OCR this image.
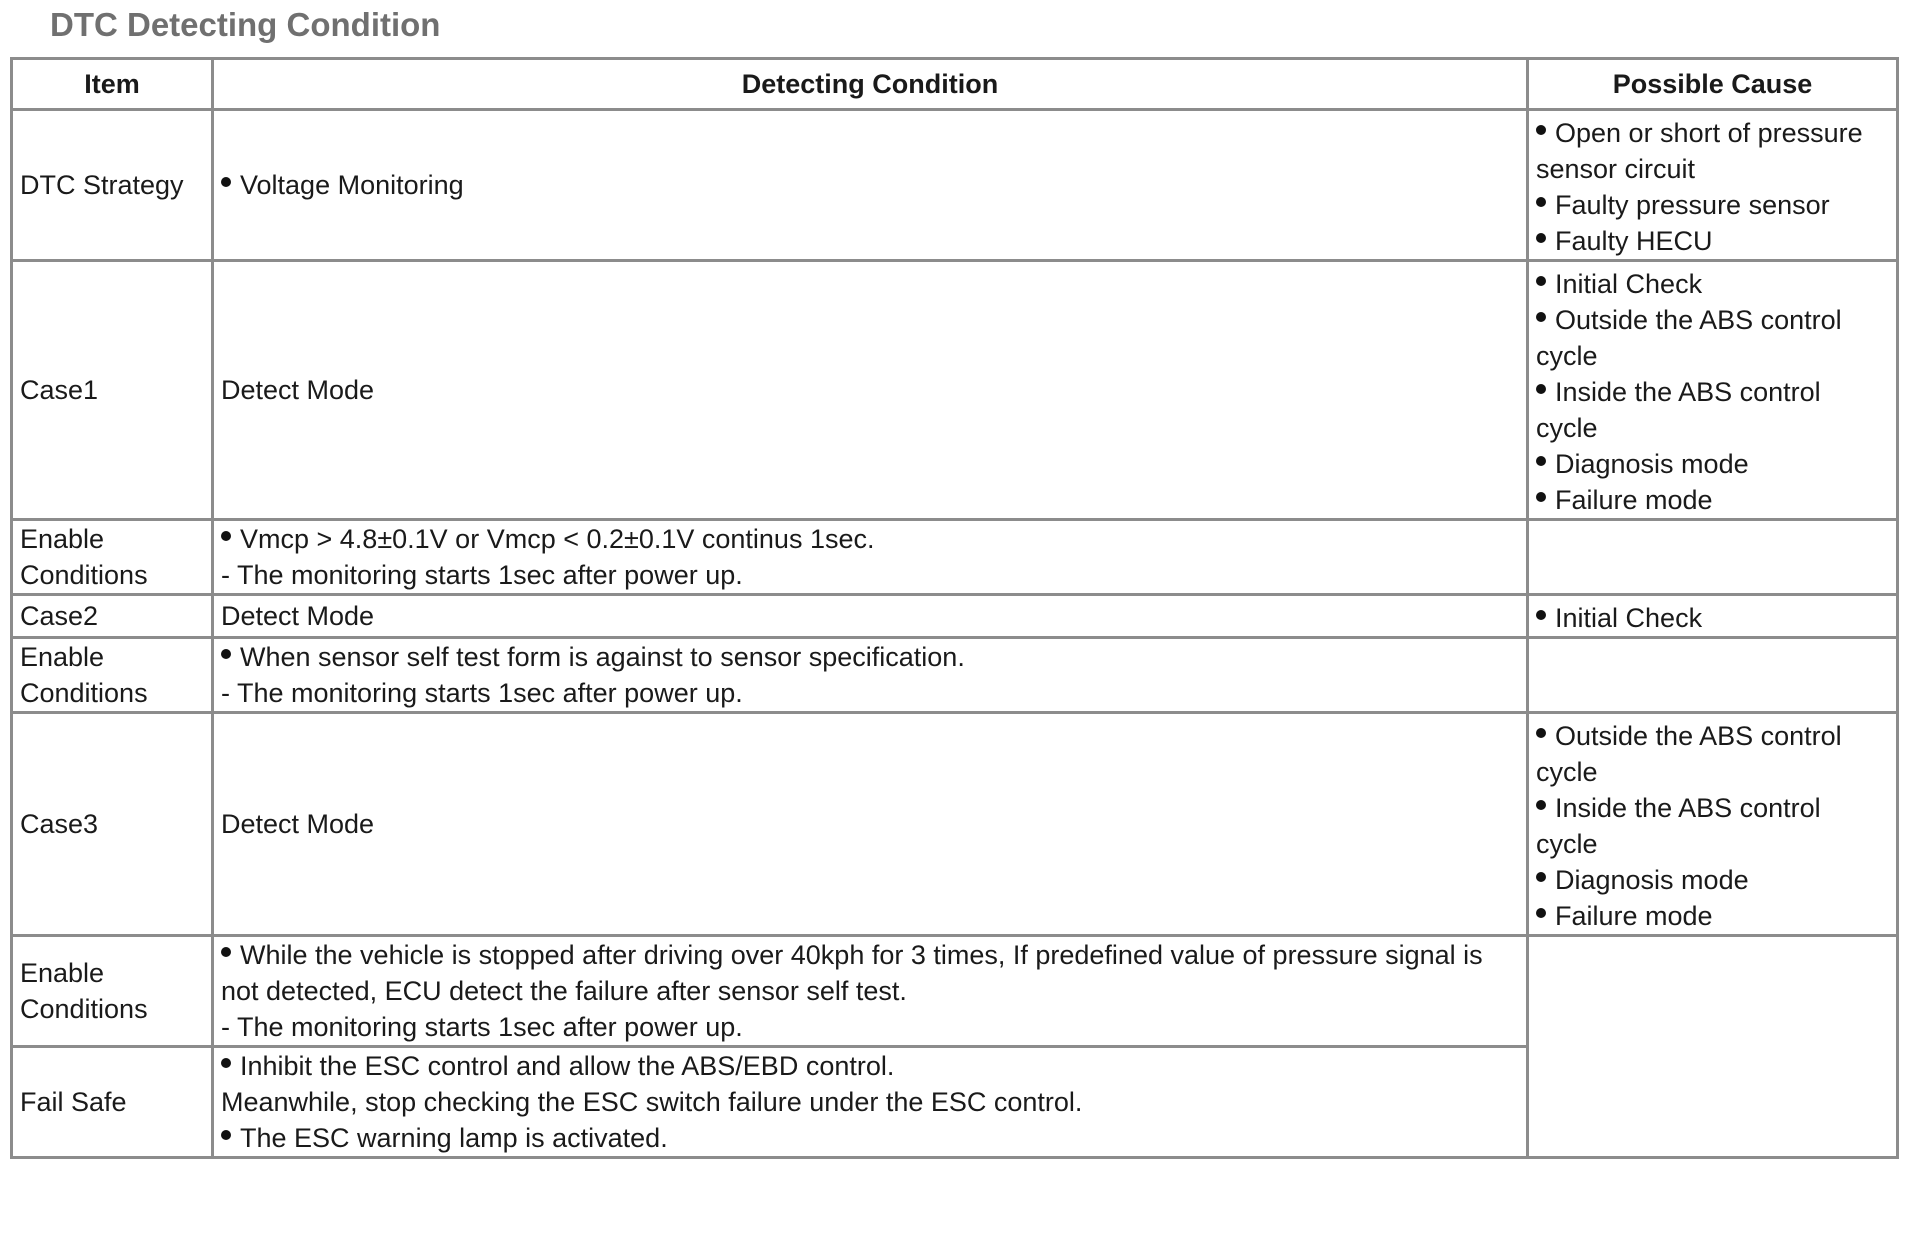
DTC Detecting Condition
Item	Detecting Condition	Possible Cause
DTC Strategy	Voltage Monitoring	Open or short of pressure sensor circuit
Faulty pressure sensor
Faulty HECU

Case1	Detect Mode	Initial Check
Outside the ABS control cycle
Inside the ABS control cycle
Diagnosis mode
Failure mode

Enable Conditions	Vmcp > 4.8±0.1V or Vmcp < 0.2±0.1V continus 1sec.
- The monitoring starts 1sec after power up.	

Case2	Detect Mode	Initial Check

Enable Conditions	When sensor self test form is against to sensor specification.
- The monitoring starts 1sec after power up.	

Case3	Detect Mode	Outside the ABS control cycle
Inside the ABS control cycle
Diagnosis mode
Failure mode

Enable Conditions	While the vehicle is stopped after driving over 40kph for 3 times, If predefined value of pressure signal is not detected, ECU detect the failure after sensor self test.
- The monitoring starts 1sec after power up.	

Fail Safe	Inhibit the ESC control and allow the ABS/EBD control.
Meanwhile, stop checking the ESC switch failure under the ESC control.
The ESC warning lamp is activated.	
